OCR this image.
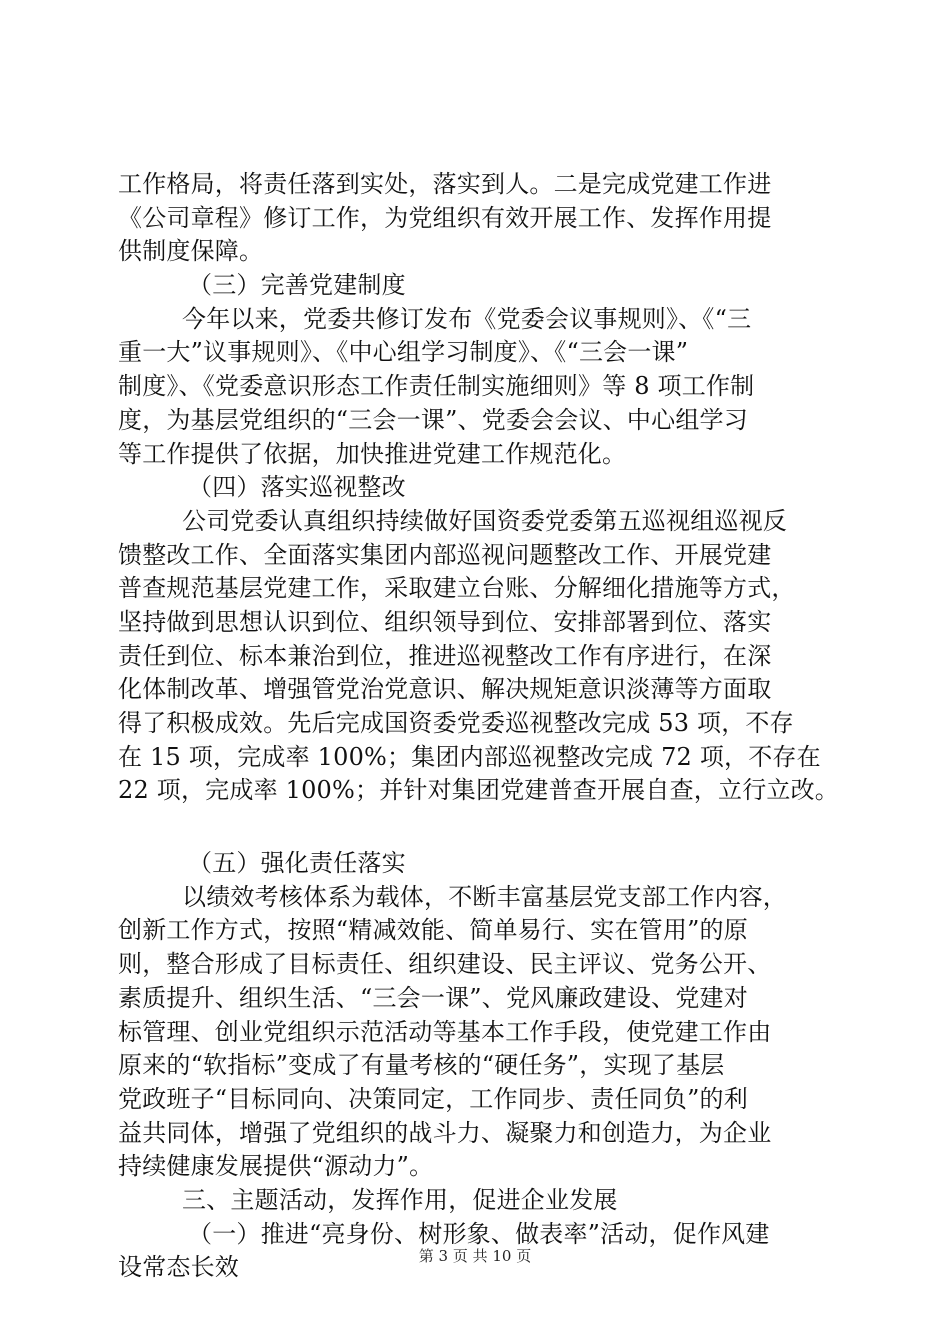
工作格局，将责任落到实处，落实到人。二是完成党建工作进
《公司章程》修订工作，为党组织有效开展工作、发挥作用提
供制度保障。
（三）完善党建制度
今年以来，党委共修订发布《党委会议事规则》、《“三
重一大”议事规则》、《中心组学习制度》、《“三会一课”
制度》、《党委意识形态工作责任制实施细则》等 8 项工作制
度，为基层党组织的“三会一课”、党委会会议、中心组学习
等工作提供了依据，加快推进党建工作规范化。
（四）落实巡视整改
公司党委认真组织持续做好国资委党委第五巡视组巡视反
馈整改工作、全面落实集团内部巡视问题整改工作、开展党建
普查规范基层党建工作，采取建立台账、分解细化措施等方式，
坚持做到思想认识到位、组织领导到位、安排部署到位、落实
责任到位、标本兼治到位，推进巡视整改工作有序进行，在深
化体制改革、增强管党治党意识、解决规矩意识淡薄等方面取
得了积极成效。先后完成国资委党委巡视整改完成 53 项，不存
在 15 项，完成率 100%；集团内部巡视整改完成 72 项，不存在
22 项，完成率 100%；并针对集团党建普查开展自查，立行立改。
（五）强化责任落实
以绩效考核体系为载体，不断丰富基层党支部工作内容，
创新工作方式，按照“精减效能、简单易行、实在管用”的原
则，整合形成了目标责任、组织建设、民主评议、党务公开、
素质提升、组织生活、“三会一课”、党风廉政建设、党建对
标管理、创业党组织示范活动等基本工作手段，使党建工作由
原来的“软指标”变成了有量考核的“硬任务”，实现了基层
党政班子“目标同向、决策同定，工作同步、责任同负”的利
益共同体，增强了党组织的战斗力、凝聚力和创造力，为企业
持续健康发展提供“源动力”。
三、主题活动，发挥作用，促进企业发展
（一）推进“亮身份、树形象、做表率”活动，促作风建
设常态长效	第 3 页 共 10 页
